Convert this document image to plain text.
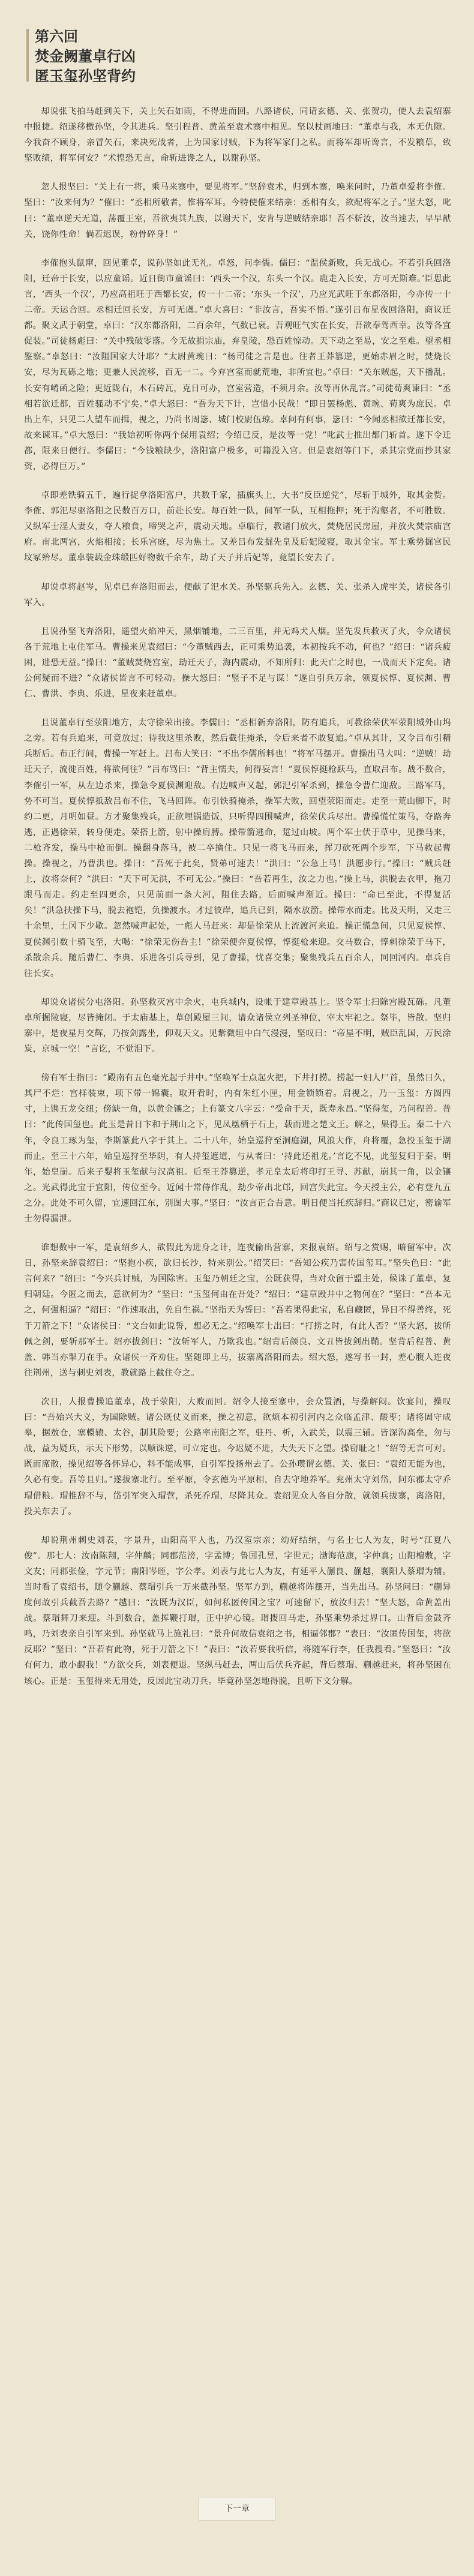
第六回
焚金阙董卓行凶
匿玉玺孙坚背约

却说张飞拍马赶到关下，关上矢石如雨，不得进而回。八路诸侯，同请玄德、关、张贺功，使人去袁绍寨中报捷。绍遂移檄孙坚，令其进兵。坚引程普、黄盖至袁术寨中相见。坚以杖画地曰：“董卓与我，本无仇隙。今我奋不顾身，亲冒矢石，来决死战者，上为国家讨贼，下为将军家门之私。而将军却听谗言，不发粮草，致坚败绩，将军何安？”术惶恐无言，命斩进谗之人，以谢孙坚。

忽人报坚曰：“关上有一将，乘马来寨中，要见将军。”坚辞袁术，归到本寨，唤来问时，乃董卓爱将李傕。坚曰：“汝来何为？”傕曰：“丞相所敬者，惟将军耳。今特使傕来结亲：丞相有女，欲配将军之子。”坚大怒，叱曰：“董卓逆天无道，荡覆王室，吾欲夷其九族，以谢天下，安肯与逆贼结亲耶！吾不斩汝，汝当速去，早早献关，饶你性命！倘若迟误，粉骨碎身！”

李傕抱头鼠窜，回见董卓，说孙坚如此无礼。卓怒，问李儒。儒曰：“温侯新败，兵无战心。不若引兵回洛阳，迁帝于长安，以应童谣。近日街市童谣曰：‘西头一个汉，东头一个汉。鹿走入长安，方可无斯难。’臣思此言，‘西头一个汉’，乃应高祖旺于西都长安，传一十二帝；‘东头一个汉’，乃应光武旺于东都洛阳，今亦传一十二帝。天运合回。丞相迁回长安，方可无虞。”卓大喜曰：“非汝言，吾实不悟。”遂引吕布星夜回洛阳，商议迁都。聚文武于朝堂，卓曰：“汉东都洛阳，二百余年，气数已衰。吾观旺气实在长安，吾欲奉驾西幸。汝等各宜促装。”司徒杨彪曰：“关中残破零落。今无故捐宗庙，弃皇陵，恐百姓惊动。天下动之至易，安之至难。望丞相鉴察。”卓怒曰：“汝阻国家大计耶？”太尉黄琬曰：“杨司徒之言是也。往者王莽篡逆，更始赤眉之时，焚烧长安，尽为瓦砾之地；更兼人民流移，百无一二。今弃宫室而就荒地，非所宜也。”卓曰：“关东贼起，天下播乱。长安有崤函之险；更近陇右，木石砖瓦，克日可办，宫室营造，不须月余。汝等再休乱言。”司徒荀爽谏曰：“丞相若欲迁都，百姓骚动不宁矣。”卓大怒曰：“吾为天下计，岂惜小民哉！”即日罢杨彪、黄琬、荀爽为庶民。卓出上车，只见二人望车而揖，视之，乃尚书周毖、城门校尉伍琼。卓问有何事，毖曰：“今闻丞相欲迁都长安，故来谏耳。”卓大怒曰：“我始初听你两个保用袁绍；今绍已反，是汝等一党！”叱武士推出都门斩首。遂下令迁都，限来日便行。李儒曰：“今钱粮缺少，洛阳富户极多，可籍没入官。但是袁绍等门下，杀其宗党而抄其家资，必得巨万。”

卓即差铁骑五千，遍行捉拿洛阳富户，共数千家，插旗头上，大书“反臣逆党”，尽斩于城外，取其金赀。李傕、郭汜尽驱洛阳之民数百万口，前赴长安。每百姓一队，间军一队，互相拖押；死于沟壑者，不可胜数。又纵军士淫人妻女，夺人粮食，啼哭之声，震动天地。卓临行，教诸门放火，焚烧居民房屋，并放火焚宗庙宫府。南北两宫，火焰相接；长乐宫庭，尽为焦土。又差吕布发掘先皇及后妃陵寝，取其金宝。军士乘势掘官民坟冢殆尽。董卓装载金珠缎匹好物数千余车，劫了天子并后妃等，竟望长安去了。

却说卓将赵岑，见卓已弃洛阳而去，便献了汜水关。孙坚驱兵先入。玄德、关、张杀入虎牢关，诸侯各引军入。

且说孙坚飞奔洛阳，遥望火焰冲天，黑烟铺地，二三百里，并无鸡犬人烟。坚先发兵救灭了火，令众诸侯各于荒地上屯住军马。曹操来见袁绍曰：“今董贼西去，正可乘势追袭，本初按兵不动，何也？”绍曰：“诸兵疲困，进恐无益。”操曰：“董贼焚烧宫室，劫迁天子，海内震动，不知所归：此天亡之时也，一战而天下定矣。诸公何疑而不进？”众诸侯皆言不可轻动。操大怒曰：“竖子不足与谋！”遂自引兵万余，领夏侯惇、夏侯渊、曹仁、曹洪、李典、乐进，星夜来赶董卓。

且说董卓行至荥阳地方，太守徐荣出接。李儒曰：“丞相新弃洛阳，防有追兵，可教徐荣伏军荥阳城外山坞之旁。若有兵追来，可竟放过；待我这里杀败，然后截住掩杀，令后来者不敢复追。”卓从其计，又令吕布引精兵断后。布正行间，曹操一军赶上。吕布大笑曰：“不出李儒所料也！”将军马摆开。曹操出马大叫：“逆贼！劫迁天子，流徙百姓，将欲何往？”吕布骂曰：“背主懦夫，何得妄言！”夏侯惇挺枪跃马，直取吕布。战不数合，李傕引一军，从左边杀来，操急令夏侯渊迎敌。右边喊声又起，郭汜引军杀到，操急令曹仁迎敌。三路军马，势不可当。夏侯惇抵敌吕布不住，飞马回阵。布引铁骑掩杀，操军大败，回望荥阳而走。走至一荒山脚下，时约二更，月明如昼。方才聚集残兵，正欲埋锅造饭，只听得四围喊声，徐荣伏兵尽出。曹操慌忙策马，夺路奔逃，正遇徐荣，转身便走。荣搭上箭，射中操肩膊。操带箭逃命，踅过山坡。两个军士伏于草中，见操马来，二枪齐发，操马中枪而倒。操翻身落马，被二卒擒住。只见一将飞马而来，挥刀砍死两个步军，下马救起曹操。操视之，乃曹洪也。操曰：“吾死于此矣，贤弟可速去！”洪曰：“公急上马！洪愿步行。”操曰：“贼兵赶上，汝将奈何？”洪曰：“天下可无洪，不可无公。”操曰：“吾若再生，汝之力也。”操上马，洪脱去衣甲，拖刀跟马而走。约走至四更余，只见前面一条大河，阻住去路，后面喊声渐近。操曰：“命已至此，不得复活矣！”洪急扶操下马，脱去袍铠，负操渡水。才过彼岸，追兵已到，隔水放箭。操带水而走。比及天明，又走三十余里，土冈下少歇。忽然喊声起处，一彪人马赶来：却是徐荣从上流渡河来追。操正慌急间，只见夏侯惇、夏侯渊引数十骑飞至，大喝：“徐荣无伤吾主！”徐荣便奔夏侯惇，惇挺枪来迎。交马数合，惇刺徐荣于马下，杀散余兵。随后曹仁、李典、乐进各引兵寻到，见了曹操，忧喜交集；聚集残兵五百余人，同回河内。卓兵自往长安。

却说众诸侯分屯洛阳。孙坚救灭宫中余火，屯兵城内，设帐于建章殿基上。坚令军士扫除宫殿瓦砾。凡董卓所掘陵寝，尽皆掩闭。于太庙基上，草创殿屋三间，请众诸侯立列圣神位，宰太牢祀之。祭毕，皆散。坚归寨中，是夜星月交辉，乃按剑露坐，仰观天文。见紫微垣中白气漫漫，坚叹曰：“帝星不明，贼臣乱国，万民涂炭，京城一空！”言讫，不觉泪下。

傍有军士指曰：“殿南有五色毫光起于井中。”坚唤军士点起火把，下井打捞。捞起一妇人尸首，虽然日久，其尸不烂：宫样装束，项下带一锦囊。取开看时，内有朱红小匣，用金锁锁着。启视之，乃一玉玺：方圆四寸，上镌五龙交纽；傍缺一角，以黄金镶之；上有篆文八字云：“受命于天，既寿永昌。”坚得玺，乃问程普。普曰：“此传国玺也。此玉是昔日卞和于荆山之下，见凤凰栖于石上，载而进之楚文王。解之，果得玉。秦二十六年，令良工琢为玺，李斯篆此八字于其上。二十八年，始皇巡狩至洞庭湖，风浪大作，舟将覆，急投玉玺于湖而止。至三十六年，始皇巡狩至华阴，有人持玺遮道，与从者曰：‘持此还祖龙。’言讫不见，此玺复归于秦。明年，始皇崩。后来子婴将玉玺献与汉高祖。后至王莽篡逆，孝元皇太后将印打王寻、苏献，崩其一角，以金镶之。光武得此宝于宜阳，传位至今。近闻十常侍作乱，劫少帝出北邙，回宫失此宝。今天授主公，必有登九五之分。此处不可久留，宜速回江东，别图大事。”坚曰：“汝言正合吾意。明日便当托疾辞归。”商议已定，密谕军士勿得漏泄。

谁想数中一军，是袁绍乡人，欲假此为进身之计，连夜偷出营寨，来报袁绍。绍与之赏赐，暗留军中。次日，孙坚来辞袁绍曰：“坚抱小疾，欲归长沙，特来别公。”绍笑曰：“吾知公疾乃害传国玺耳。”坚失色曰：“此言何来？”绍曰：“今兴兵讨贼，为国除害。玉玺乃朝廷之宝，公既获得，当对众留于盟主处，候诛了董卓，复归朝廷。今匿之而去，意欲何为？”坚曰：“玉玺何由在吾处？”绍曰：“建章殿井中之物何在？”坚曰：“吾本无之，何强相逼？”绍曰：“作速取出，免自生祸。”坚指天为誓曰：“吾若果得此宝，私自藏匿，异日不得善终，死于刀箭之下！”众诸侯曰：“文台如此说誓，想必无之。”绍唤军士出曰：“打捞之时，有此人否？”坚大怒，拔所佩之剑，要斩那军士。绍亦拔剑曰：“汝斩军人，乃欺我也。”绍背后颜良、文丑皆拔剑出鞘。坚背后程普、黄盖、韩当亦掣刀在手。众诸侯一齐劝住。坚随即上马，拔寨离洛阳而去。绍大怒，遂写书一封，差心腹人连夜往荆州，送与刺史刘表，教就路上截住夺之。

次日，人报曹操追董卓，战于荥阳，大败而回。绍令人接至寨中，会众置酒，与操解闷。饮宴间，操叹曰：“吾始兴大义，为国除贼。诸公既仗义而来，操之初意，欲烦本初引河内之众临孟津、酸枣；诸将固守成皋，据敖仓，塞轘辕、太谷，制其险要；公路率南阳之军，驻丹、析，入武关，以震三辅。皆深沟高垒，勿与战，益为疑兵，示天下形势，以顺诛逆，可立定也。今迟疑不进，大失天下之望。操窃耻之！”绍等无言可对。既而席散，操见绍等各怀异心，料不能成事，自引军投扬州去了。公孙瓒谓玄德、关、张曰：“袁绍无能为也，久必有变。吾等且归。”遂拔寨北行。至平原，令玄德为平原相，自去守地养军。兖州太守刘岱，问东郡太守乔瑁借粮。瑁推辞不与，岱引军突入瑁营，杀死乔瑁，尽降其众。袁绍见众人各自分散，就领兵拔寨，离洛阳，投关东去了。

却说荆州刺史刘表，字景升，山阳高平人也，乃汉室宗亲；幼好结纳，与名士七人为友，时号“江夏八俊”。那七人：汝南陈翔，字仲麟；同郡范滂，字孟博；鲁国孔昱，字世元；渤海范康，字仲真；山阳檀敷，字文友；同郡张俭，字元节；南阳岑晊，字公孝。刘表与此七人为友，有延平人蒯良、蒯越，襄阳人蔡瑁为辅。当时看了袁绍书，随令蒯越、蔡瑁引兵一万来截孙坚。坚军方到，蒯越将阵摆开，当先出马。孙坚问曰：“蒯异度何故引兵截吾去路？”越曰：“汝既为汉臣，如何私匿传国之宝？可速留下，放汝归去！”坚大怒，命黄盖出战。蔡瑁舞刀来迎。斗到数合，盖挥鞭打瑁，正中护心镜。瑁拨回马走，孙坚乘势杀过界口。山背后金鼓齐鸣，乃刘表亲自引军来到。孙坚就马上施礼曰：“景升何故信袁绍之书，相逼邻郡？”表曰：“汝匿传国玺，将欲反耶？”坚曰：“吾若有此物，死于刀箭之下！”表曰：“汝若要我听信，将随军行李，任我搜看。”坚怒曰：“汝有何力，敢小觑我！”方欲交兵，刘表便退。坚纵马赶去，两山后伏兵齐起，背后蔡瑁、蒯越赶来，将孙坚困在垓心。正是：玉玺得来无用处，反因此宝动刀兵。毕竟孙坚怎地得脱，且听下文分解。

下一章
